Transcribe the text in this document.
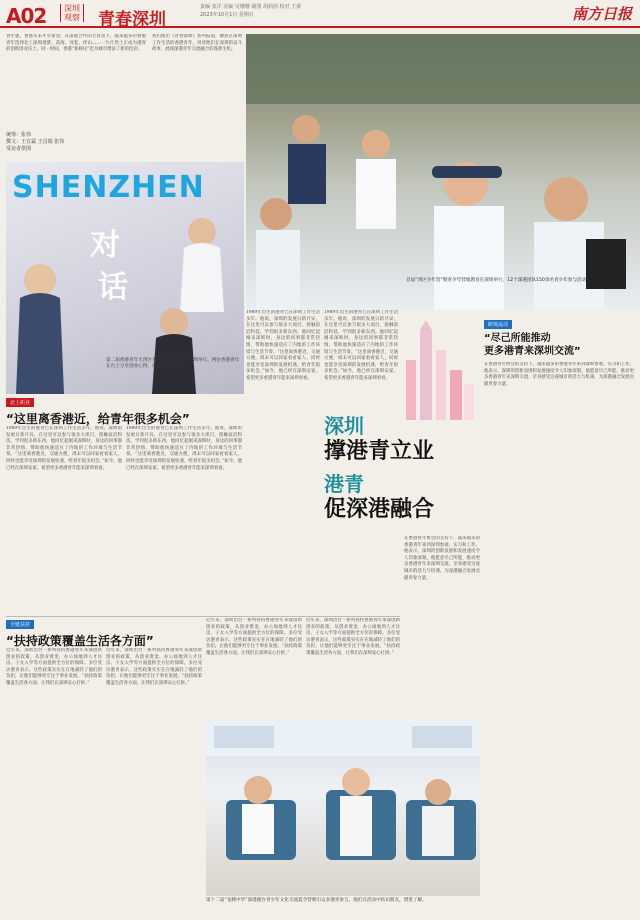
A02 深圳
观察 青春深圳
责编 张洋 美编 吴珊珊 制图 胡润茜 校对 王睿
2023年10月1日 星期日	南方日报
青年强，香港未来才有希望。在深港合作的大背景下，越来越多的香港青年选择北上深圳逐梦，前海、河套、坪山……一片片热土正成为港青的创新创业沃土。同一时间，香港“新移民”也为城市增添了新的色彩。
我们推出《青春深圳》系列报道，聚焦在深圳工作生活的香港青年，讲述他们在深圳的奋斗故事，展现深港青年交流融合的蓬勃生机。
统筹：张伟
撰文：王宣霖 王昌瑞 张伟
受访者供图
首届“湾区少年营”暨青少年营地教育在深圳举行，12个深港团队150余名青少年参与活动。
SHENZHEN
对
话
第二届香港青年大湾区青年企业家峰会在深圳举行。两位香港青年在台上分享创业心得，现场座无虚席。
北上拓业
“这里离香港近，给青年很多机会”
1989年出生的港青已在深圳工作生活多年。他说，深圳的发展日新月异，在这里可以参与很多大项目，接触前沿科技，学到很多新东西。他回忆起刚来深圳时，身边的同事都非常热情，帮助他快速适应了内地的工作环境与生活节奏。“这里离香港近，交通方便，周末可以回家看看家人，同时也能享受深圳的发展机遇，给青年很多机会。”如今，他已经在深圳安家，希望更多香港青年能来深圳看看。
1989年出生的港青已在深圳工作生活多年。他说，深圳的发展日新月异，在这里可以参与很多大项目，接触前沿科技，学到很多新东西。他回忆起刚来深圳时，身边的同事都非常热情，帮助他快速适应了内地的工作环境与生活节奏。“这里离香港近，交通方便，周末可以回家看看家人，同时也能享受深圳的发展机遇，给青年很多机会。”如今，他已经在深圳安家，希望更多香港青年能来深圳看看。
1989年出生的港青已在深圳工作生活多年。他说，深圳的发展日新月异，在这里可以参与很多大项目，接触前沿科技，学到很多新东西。他回忆起刚来深圳时，身边的同事都非常热情，帮助他快速适应了内地的工作环境与生活节奏。“这里离香港近，交通方便，周末可以回家看看家人，同时也能享受深圳的发展机遇，给青年很多机会。”如今，他已经在深圳安家，希望更多香港青年能来深圳看看。
1989年出生的港青已在深圳工作生活多年。他说，深圳的发展日新月异，在这里可以参与很多大项目，接触前沿科技，学到很多新东西。他回忆起刚来深圳时，身边的同事都非常热情，帮助他快速适应了内地的工作环境与生活节奏。“这里离香港近，交通方便，周末可以回家看看家人，同时也能享受深圳的发展机遇，给青年很多机会。”如今，他已经在深圳安家，希望更多香港青年能来深圳看看。
全链扶持
“扶持政策覆盖生活各方面”
近年来，深圳出台一系列扶持香港青年来深创新创业的政策，从创业资金、办公场地到人才住房、子女入学等方面提供全方位的保障。多位受访港青表示，这些政策实实在在地减轻了他们的负担，让他们能够更专注于事业发展。“扶持政策覆盖生活各方面，让我们在深圳安心打拼。”
近年来，深圳出台一系列扶持香港青年来深创新创业的政策，从创业资金、办公场地到人才住房、子女入学等方面提供全方位的保障。多位受访港青表示，这些政策实实在在地减轻了他们的负担，让他们能够更专注于事业发展。“扶持政策覆盖生活各方面，让我们在深圳安心打拼。”
近年来，深圳出台一系列扶持香港青年来深创新创业的政策，从创业资金、办公场地到人才住房、子女入学等方面提供全方位的保障。多位受访港青表示，这些政策实实在在地减轻了他们的负担，让他们能够更专注于事业发展。“扶持政策覆盖生活各方面，让我们在深圳安心打拼。”
近年来，深圳出台一系列扶持香港青年来深创新创业的政策，从创业资金、办公场地到人才住房、子女入学等方面提供全方位的保障。多位受访港青表示，这些政策实实在在地减轻了他们的负担，让他们能够更专注于事业发展。“扶持政策覆盖生活各方面，让我们在深圳安心打拼。”
深圳
撑港青立业
港青
促深港融合
跨境流动
“尽己所能推动
更多港青来深圳交流”
在香港青年协会的支持下，越来越多的香港青年来到深圳参观、实习和工作。他表示，深圳的创新氛围和发展速度令人印象深刻，他愿意尽己所能，推动更多香港青年来深圳交流，亲身感受这座城市的活力与机遇，为深港融合发展贡献青春力量。
在香港青年协会的支持下，越来越多的香港青年来到深圳参观、实习和工作。他表示，深圳的创新氛围和发展速度令人印象深刻，他愿意尽己所能，推动更多香港青年来深圳交流，亲身感受这座城市的活力与机遇，为深港融合发展贡献青春力量。
第十二届“龙腾中华”深港澳台青少年文化交流夏令营吸引众多港青参与，他们在活动中结识朋友，增进了解。
